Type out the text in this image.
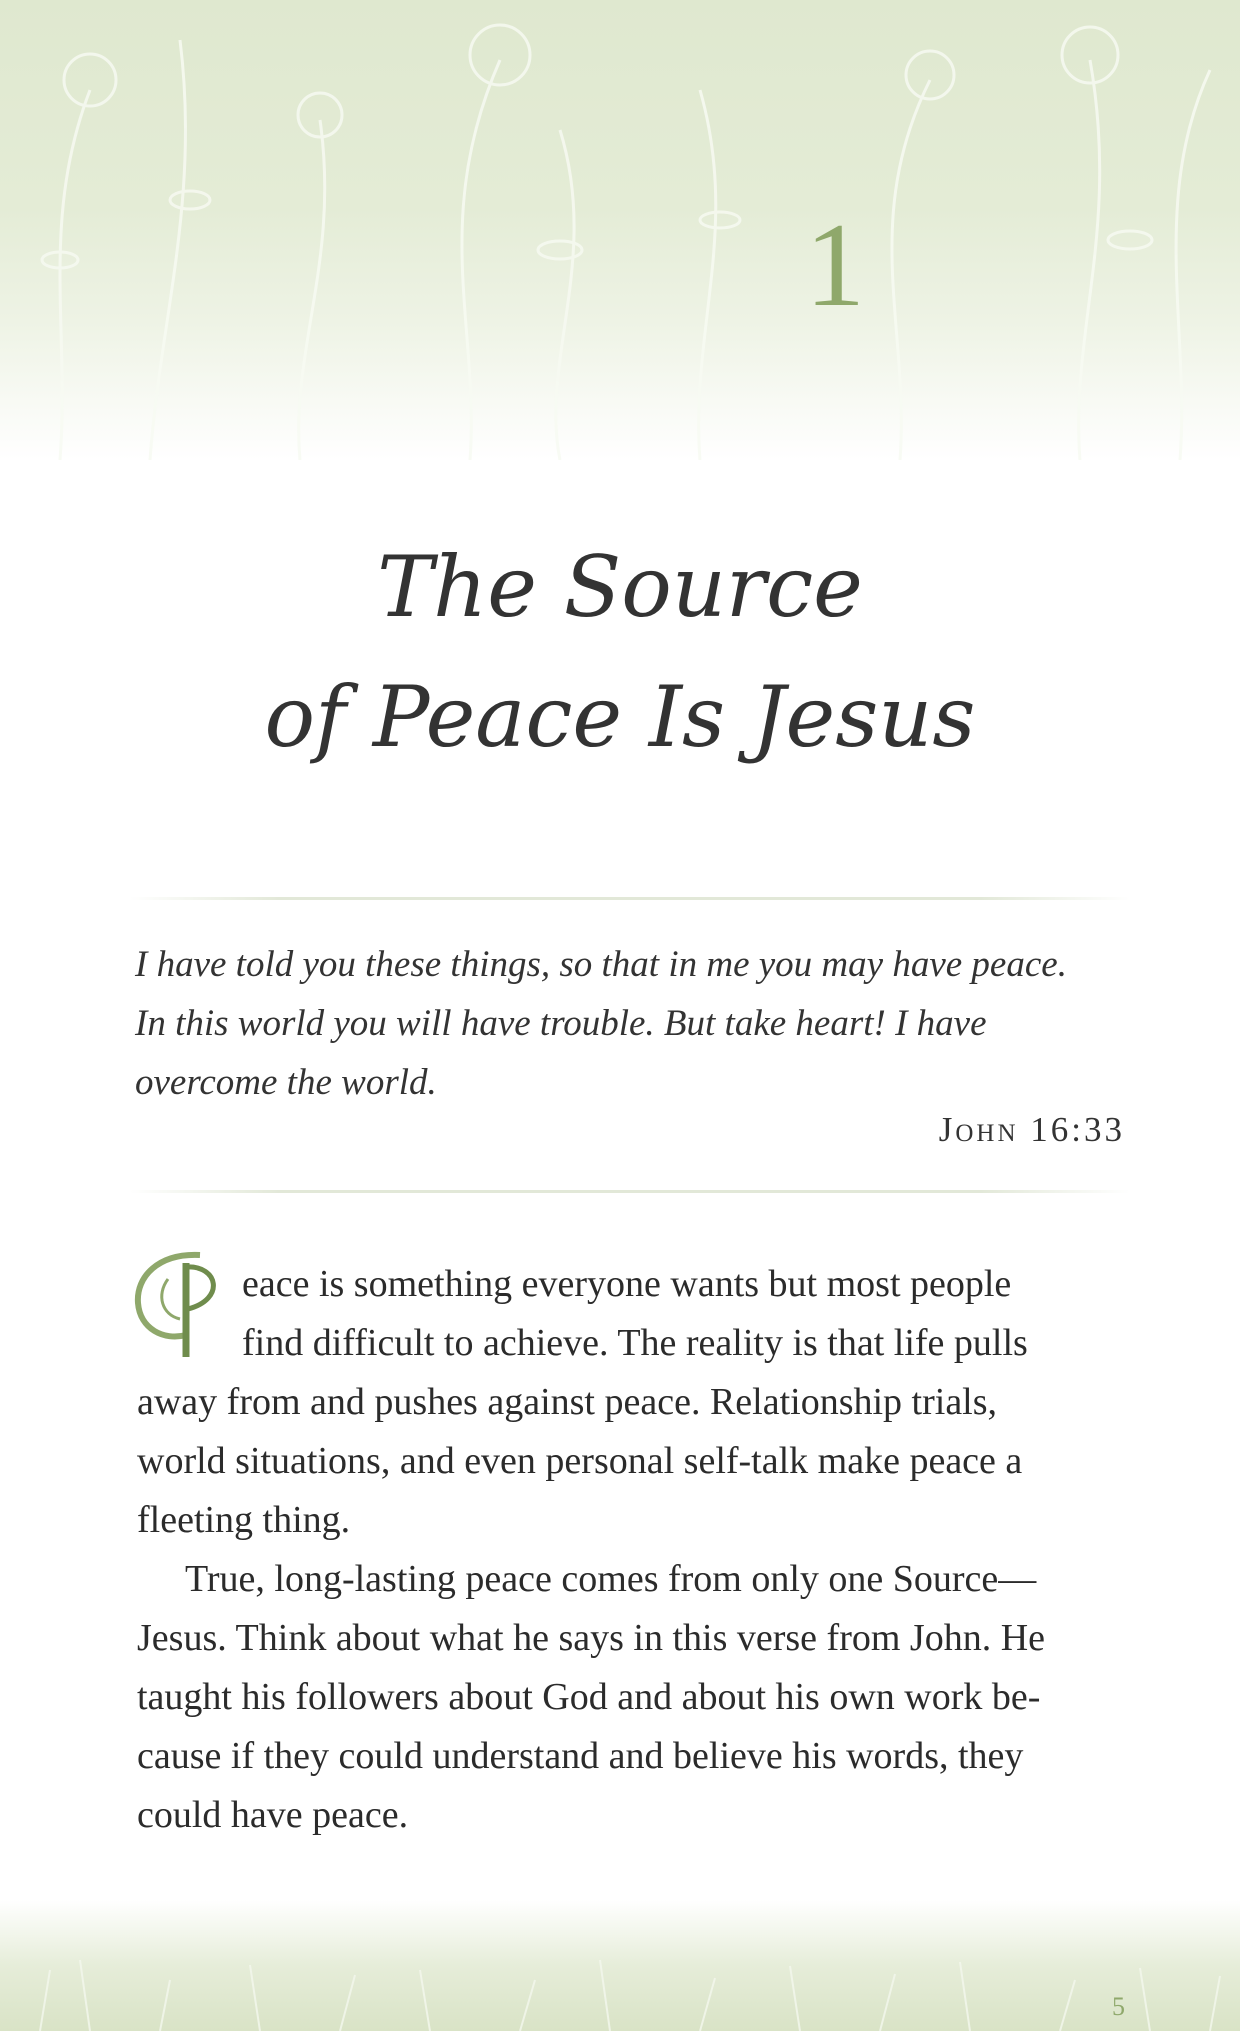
1
The Source
of Peace Is Jesus
I have told you these things, so that in me you may have peace.
In this world you will have trouble. But take heart! I have
overcome the world.
John 16:33
eace is something everyone wants but most people
find difficult to achieve. The reality is that life pulls
away from and pushes against peace. Relationship trials,
world situations, and even personal self-talk make peace a
fleeting thing.
True, long-lasting peace comes from only one Source—
Jesus. Think about what he says in this verse from John. He
taught his followers about God and about his own work be-
cause if they could understand and believe his words, they
could have peace.
5
